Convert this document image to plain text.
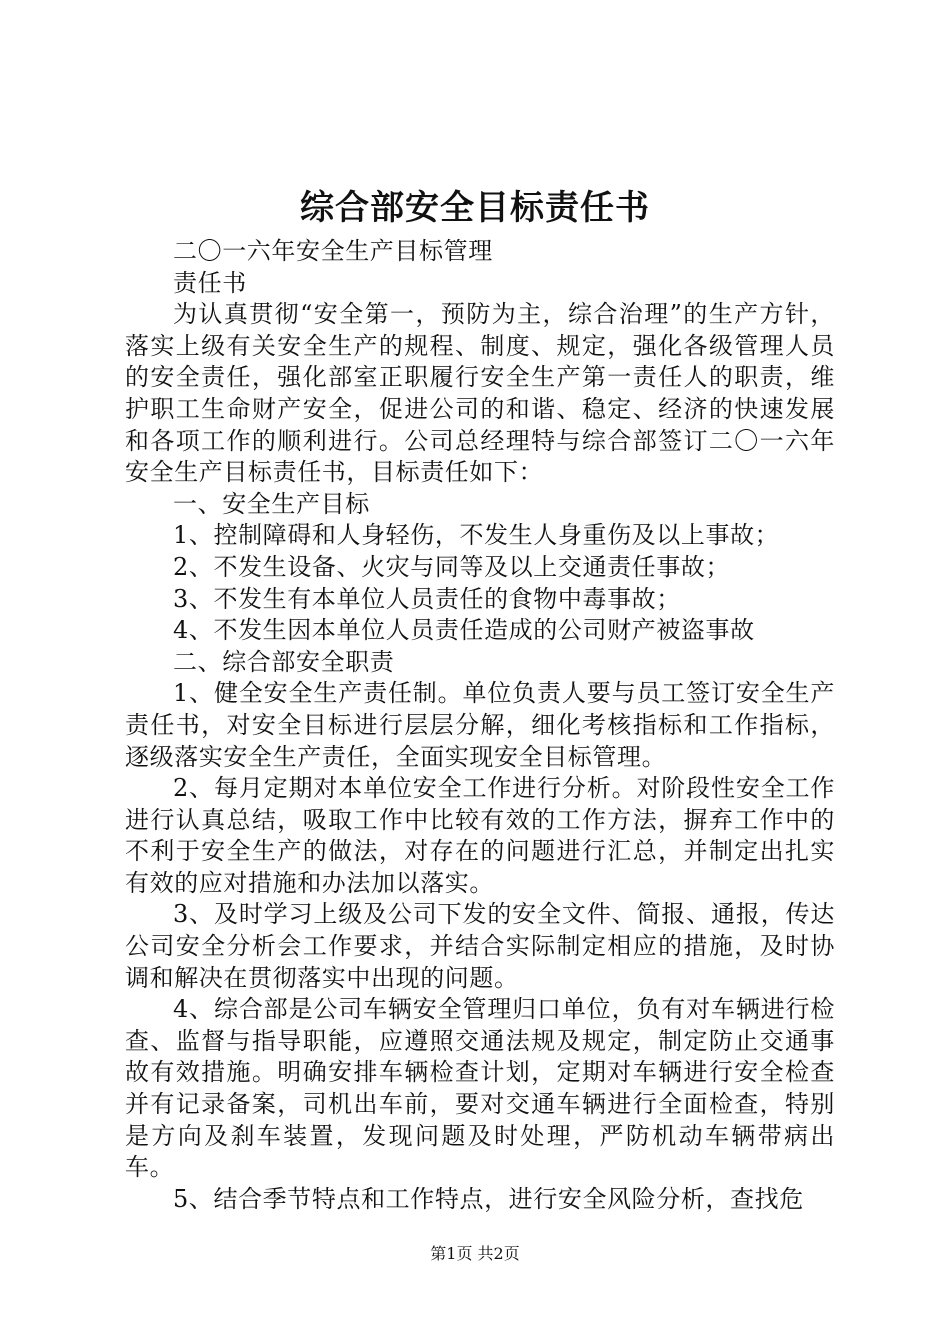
综合部安全目标责任书

二〇一六年安全生产目标管理

责任书

为认真贯彻“安全第一，预防为主，综合治理”的生产方针，落实上级有关安全生产的规程、制度、规定，强化各级管理人员的安全责任，强化部室正职履行安全生产第一责任人的职责，维护职工生命财产安全，促进公司的和谐、稳定、经济的快速发展和各项工作的顺利进行。公司总经理特与综合部签订二〇一六年安全生产目标责任书，目标责任如下：

一、安全生产目标

1、控制障碍和人身轻伤，不发生人身重伤及以上事故；

2、不发生设备、火灾与同等及以上交通责任事故；

3、不发生有本单位人员责任的食物中毒事故；

4、不发生因本单位人员责任造成的公司财产被盗事故

二、综合部安全职责

1、健全安全生产责任制。单位负责人要与员工签订安全生产责任书，对安全目标进行层层分解，细化考核指标和工作指标，逐级落实安全生产责任，全面实现安全目标管理。

2、每月定期对本单位安全工作进行分析。对阶段性安全工作进行认真总结，吸取工作中比较有效的工作方法，摒弃工作中的不利于安全生产的做法，对存在的问题进行汇总，并制定出扎实有效的应对措施和办法加以落实。

3、及时学习上级及公司下发的安全文件、简报、通报，传达公司安全分析会工作要求，并结合实际制定相应的措施，及时协调和解决在贯彻落实中出现的问题。

4、综合部是公司车辆安全管理归口单位，负有对车辆进行检查、监督与指导职能，应遵照交通法规及规定，制定防止交通事故有效措施。明确安排车辆检查计划，定期对车辆进行安全检查并有记录备案，司机出车前，要对交通车辆进行全面检查，特别是方向及刹车装置，发现问题及时处理，严防机动车辆带病出车。

5、结合季节特点和工作特点，进行安全风险分析，查找危

第1页 共2页
